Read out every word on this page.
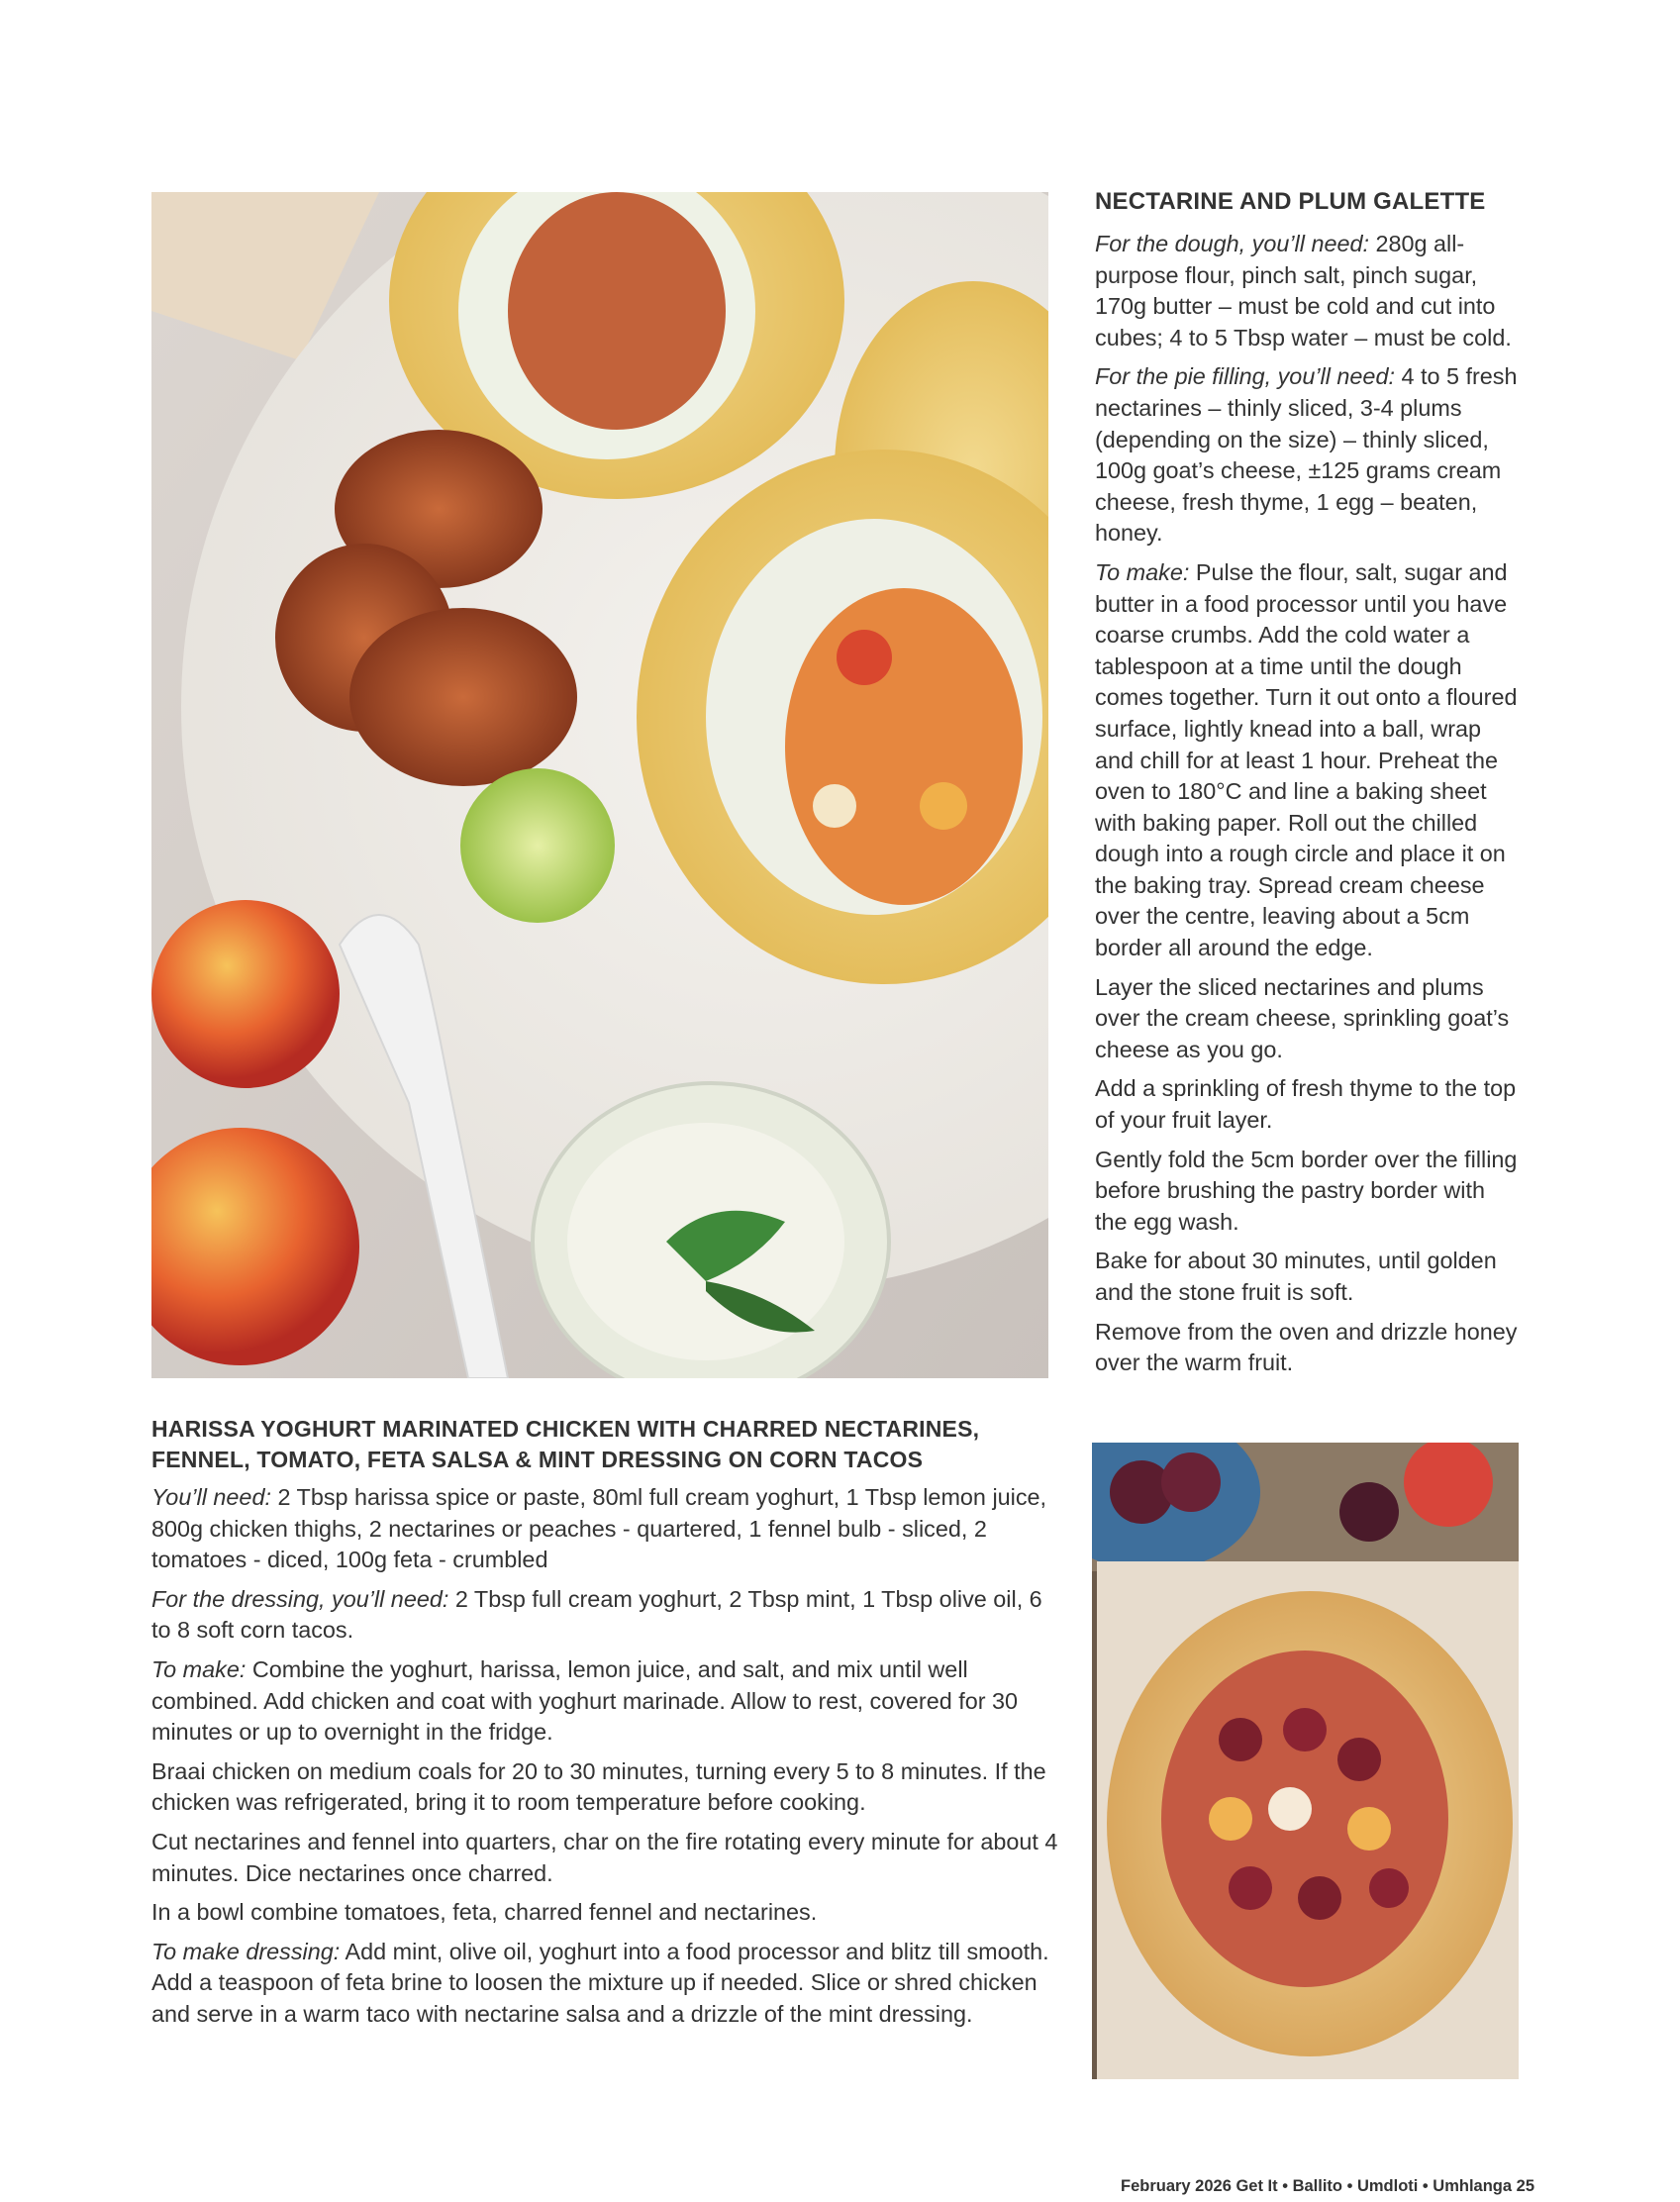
NECTARINE AND PLUM GALETTE

For the dough, you’ll need: 280g all-purpose flour, pinch salt, pinch sugar, 170g butter – must be cold and cut into cubes; 4 to 5 Tbsp water – must be cold.

For the pie filling, you’ll need: 4 to 5 fresh nectarines – thinly sliced, 3-4 plums (depending on the size) – thinly sliced, 100g goat’s cheese, ±125 grams cream cheese, fresh thyme, 1 egg – beaten, honey.

To make: Pulse the flour, salt, sugar and butter in a food processor until you have coarse crumbs. Add the cold water a tablespoon at a time until the dough comes together. Turn it out onto a floured surface, lightly knead into a ball, wrap and chill for at least 1 hour. Preheat the oven to 180°C and line a baking sheet with baking paper. Roll out the chilled dough into a rough circle and place it on the baking tray. Spread cream cheese over the centre, leaving about a 5cm border all around the edge.

Layer the sliced nectarines and plums over the cream cheese, sprinkling goat’s cheese as you go.

Add a sprinkling of fresh thyme to the top of your fruit layer.

Gently fold the 5cm border over the filling before brushing the pastry border with the egg wash.

Bake for about 30 minutes, until golden and the stone fruit is soft.

Remove from the oven and drizzle honey over the warm fruit.

HARISSA YOGHURT MARINATED CHICKEN WITH CHARRED NECTARINES, FENNEL, TOMATO, FETA SALSA & MINT DRESSING ON CORN TACOS

You’ll need: 2 Tbsp harissa spice or paste, 80ml full cream yoghurt, 1 Tbsp lemon juice, 800g chicken thighs, 2 nectarines or peaches - quartered, 1 fennel bulb - sliced, 2 tomatoes - diced, 100g feta - crumbled

For the dressing, you’ll need: 2 Tbsp full cream yoghurt, 2 Tbsp mint, 1 Tbsp olive oil, 6 to 8 soft corn tacos.

To make: Combine the yoghurt, harissa, lemon juice, and salt, and mix until well combined. Add chicken and coat with yoghurt marinade. Allow to rest, covered for 30 minutes or up to overnight in the fridge.

Braai chicken on medium coals for 20 to 30 minutes, turning every 5 to 8 minutes. If the chicken was refrigerated, bring it to room temperature before cooking.

Cut nectarines and fennel into quarters, char on the fire rotating every minute for about 4 minutes. Dice nectarines once charred.

In a bowl combine tomatoes, feta, charred fennel and nectarines.

To make dressing: Add mint, olive oil, yoghurt into a food processor and blitz till smooth. Add a teaspoon of feta brine to loosen the mixture up if needed. Slice or shred chicken and serve in a warm taco with nectarine salsa and a drizzle of the mint dressing.

February 2026 Get It • Ballito • Umdloti • Umhlanga 25
